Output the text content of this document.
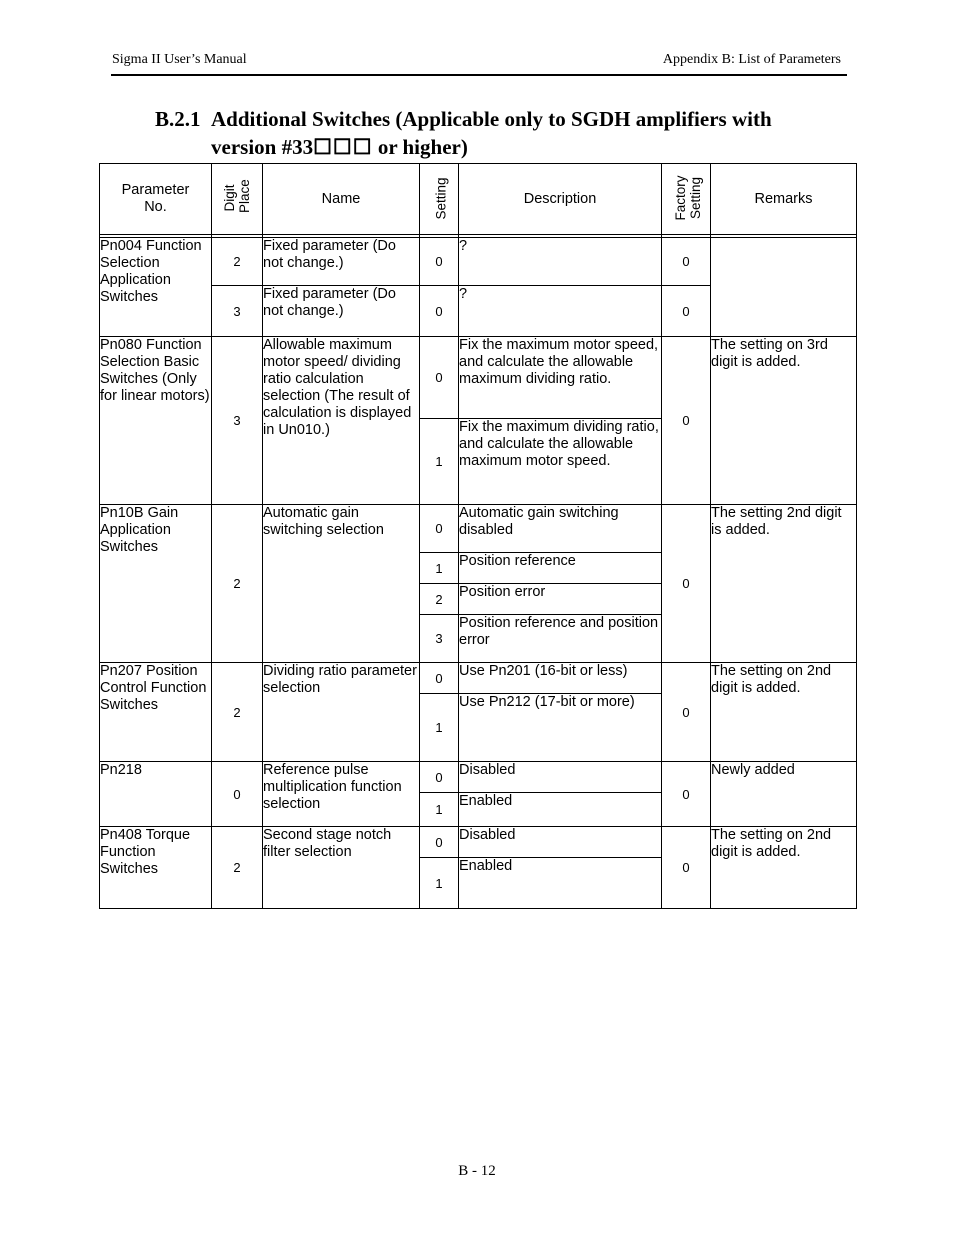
Sigma II User’s Manual	Appendix B: List of Parameters
B.2.1 Additional Switches (Applicable only to SGDH amplifiers with
version #33☐☐☐ or higher)
Parameter No.	Digit Place	Name	Setting	Description	Factory Setting	Remarks

Pn004 Function Selection Application Switches	2	Fixed parameter (Do not change.)	0	?	0	
	3	Fixed parameter (Do not change.)	0	?	0	
Pn080 Function Selection Basic Switches (Only for linear motors)	3	Allowable maximum motor speed/ dividing ratio calculation selection (The result of calculation is displayed in Un010.)	0	Fix the maximum motor speed, and calculate the allowable maximum dividing ratio.	0	The setting on 3rd digit is added.
			1	Fix the maximum dividing ratio, and calculate the allowable maximum motor speed.		
Pn10B Gain Application Switches	2	Automatic gain switching selection	0	Automatic gain switching disabled	0	The setting 2nd digit is added.
			1	Position reference		
			2	Position error		
			3	Position reference and position error		
Pn207 Position Control Function Switches	2	Dividing ratio parameter selection	0	Use Pn201 (16-bit or less)	0	The setting on 2nd digit is added.
			1	Use Pn212 (17-bit or more)		
Pn218	0	Reference pulse multiplication function selection	0	Disabled	0	Newly added
			1	Enabled		
Pn408 Torque Function Switches	2	Second stage notch filter selection	0	Disabled	0	The setting on 2nd digit is added.
			1	Enabled		
B - 12
